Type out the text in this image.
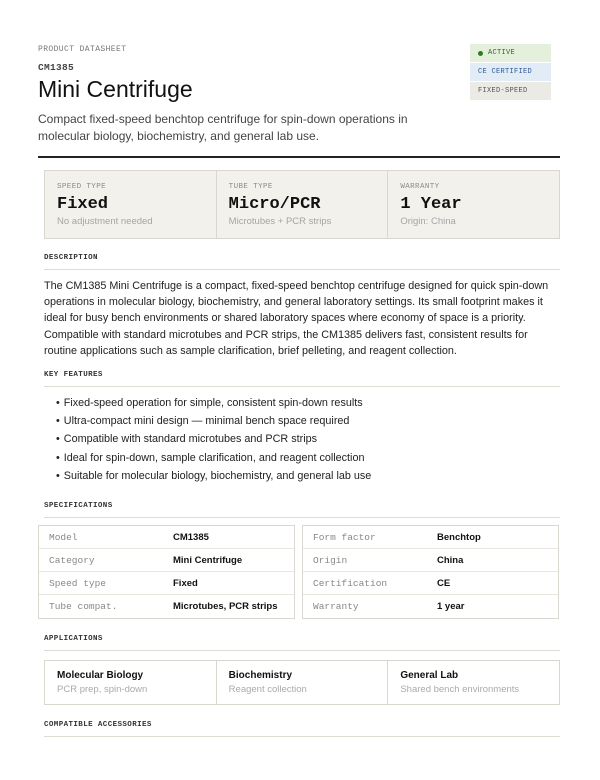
PRODUCT DATASHEET
CM1385
Mini Centrifuge

Compact fixed-speed benchtop centrifuge for spin-down operations in molecular biology, biochemistry, and general lab use.

ACTIVE
CE CERTIFIED
FIXED-SPEED
SPEED TYPE
Fixed
No adjustment needed
TUBE TYPE
Micro/PCR
Microtubes + PCR strips
WARRANTY
1 Year
Origin: China
DESCRIPTION

The CM1385 Mini Centrifuge is a compact, fixed-speed benchtop centrifuge designed for quick spin-down operations in molecular biology, biochemistry, and general laboratory settings. Its small footprint makes it ideal for busy bench environments or shared laboratory spaces where economy of space is a priority. Compatible with standard microtubes and PCR strips, the CM1385 delivers fast, consistent results for routine applications such as sample clarification, brief pelleting, and reagent collection.

KEY FEATURES
• Fixed-speed operation for simple, consistent spin-down results
• Ultra-compact mini design — minimal bench space required
• Compatible with standard microtubes and PCR strips
• Ideal for spin-down, sample clarification, and reagent collection
• Suitable for molecular biology, biochemistry, and general lab use
SPECIFICATIONS
Model	CM1385
Category	Mini Centrifuge
Speed type	Fixed
Tube compat.	Microtubes, PCR strips
Form factor	Benchtop
Origin	China
Certification	CE
Warranty	1 year
APPLICATIONS
Molecular Biology
PCR prep, spin-down
Biochemistry
Reagent collection
General Lab
Shared bench environments
COMPATIBLE ACCESSORIES
